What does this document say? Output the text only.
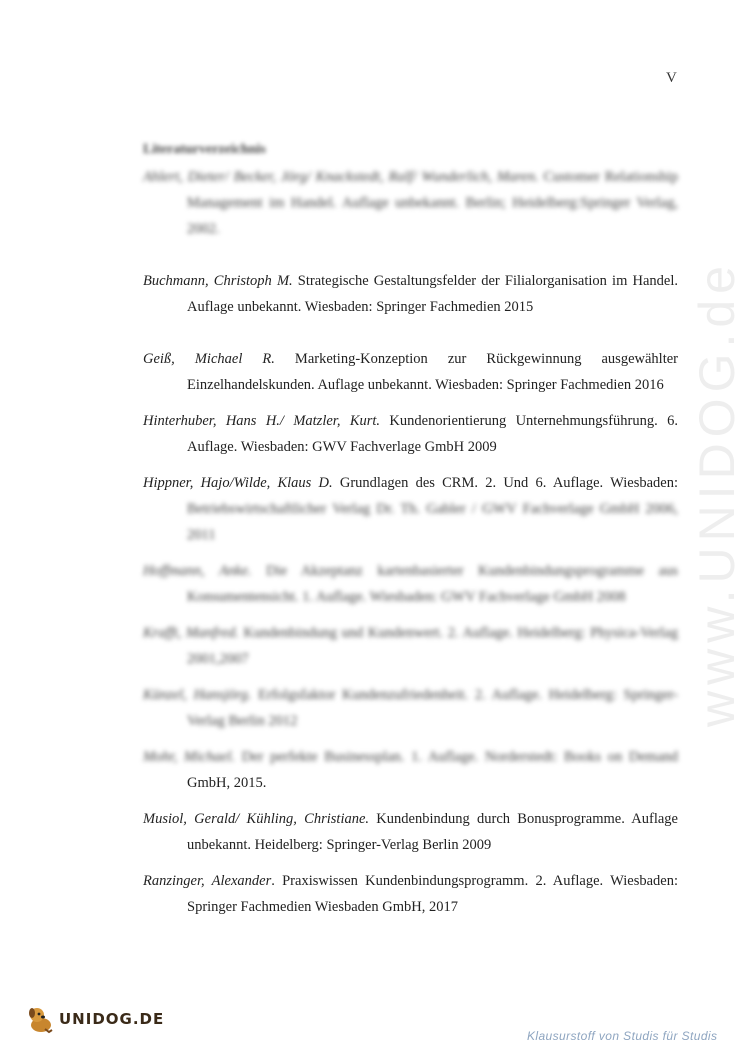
V
www.UNIDOG.de
Literaturverzeichnis

Ahlert, Dieter/ Becker, Jörg/ Knackstedt, Ralf/ Wunderlich, Maren. Customer Relationship Management im Handel. Auflage unbekannt. Berlin; Heidelberg:Springer Verlag, 2002.

Buchmann, Christoph M. Strategische Gestaltungsfelder der Filialorganisation im Handel. Auflage unbekannt. Wiesbaden: Springer Fachmedien 2015

Geiß, Michael R. Marketing-Konzeption zur Rückgewinnung ausgewählter Einzelhandelskunden. Auflage unbekannt. Wiesbaden: Springer Fachmedien 2016

Hinterhuber, Hans H./ Matzler, Kurt. Kundenorientierung Unternehmungsführung. 6. Auflage. Wiesbaden: GWV Fachverlage GmbH 2009

Hippner, Hajo/Wilde, Klaus D. Grundlagen des CRM. 2. Und 6. Auflage. Wiesbaden: Betriebswirtschaftlicher Verlag Dr. Th. Gabler / GWV Fachverlage GmbH 2006, 2011

Hoffmann, Anke. Die Akzeptanz kartenbasierter Kundenbindungsprogramme aus Konsumentensicht. 1. Auflage. Wiesbaden: GWV Fachverlage GmbH 2008

Krafft, Manfred. Kundenbindung und Kundenwert. 2. Auflage. Heidelberg: Physica-Verlag 2001,2007

Künzel, Hansjörg. Erfolgsfaktor Kundenzufriedenheit. 2. Auflage. Heidelberg: Springer-Verlag Berlin 2012

Mohr, Michael. Der perfekte Businessplan. 1. Auflage. Norderstedt: Books on Demand GmbH, 2015.

Musiol, Gerald/ Kühling, Christiane. Kundenbindung durch Bonusprogramme. Auflage unbekannt. Heidelberg: Springer-Verlag Berlin 2009

Ranzinger, Alexander. Praxiswissen Kundenbindungsprogramm. 2. Auflage. Wiesbaden: Springer Fachmedien Wiesbaden GmbH, 2017

UNIDOG.DE
Klausurstoff von Studis für Studis
